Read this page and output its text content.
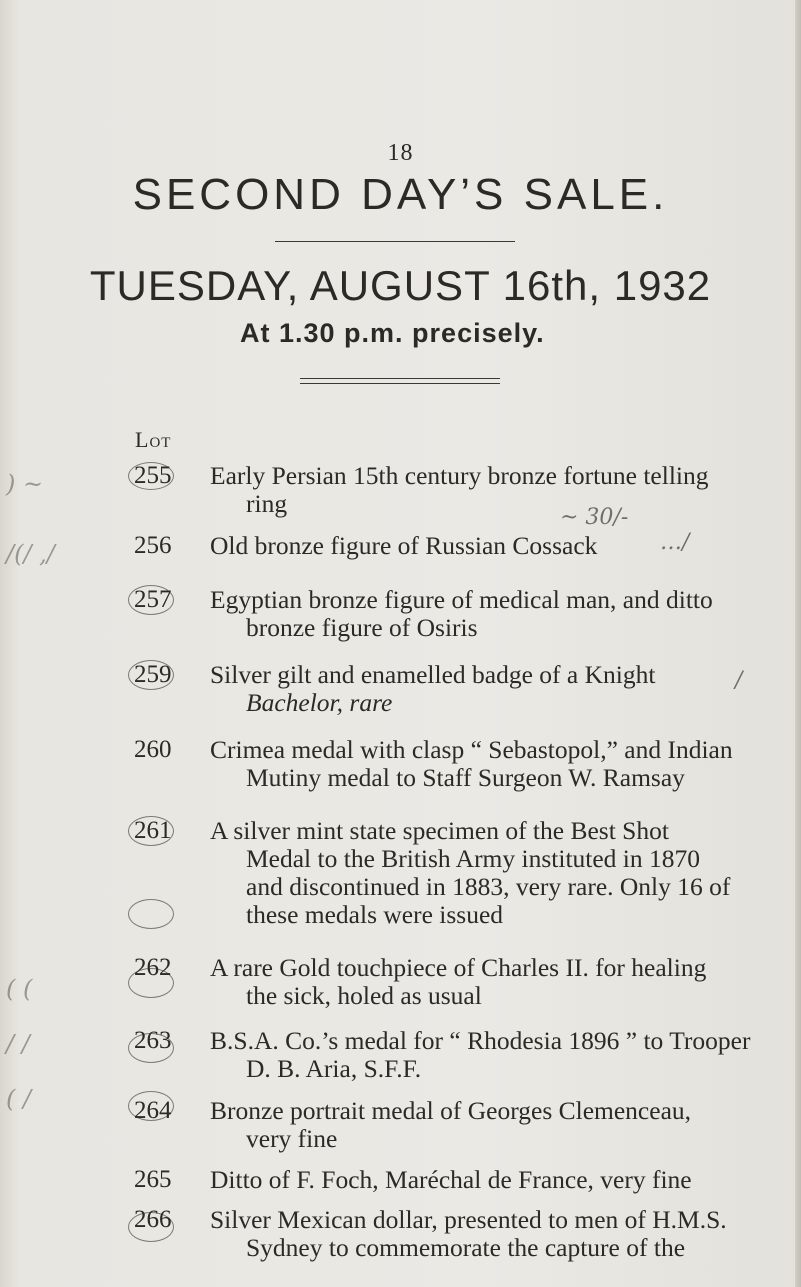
18
SECOND DAY’S SALE.
TUESDAY, AUGUST 16th, 1932
At 1.30 p.m. precisely.
Lot
) ~
/(/ ,/
( (
/ /
( /
255	Early Persian 15th century bronze fortune telling
ring
256	Old bronze figure of Russian Cossack
257	Egyptian bronze figure of medical man, and ditto
bronze figure of Osiris
259	Silver gilt and enamelled badge of a Knight
Bachelor, rare
260	Crimea medal with clasp “ Sebastopol,” and Indian
Mutiny medal to Staff Surgeon W. Ramsay
261	A silver mint state specimen of the Best Shot
Medal to the British Army instituted in 1870
and discontinued in 1883, very rare. Only 16 of
these medals were issued
262	A rare Gold touchpiece of Charles II. for healing
the sick, holed as usual
263	B.S.A. Co.’s medal for “ Rhodesia 1896 ” to Trooper
D. B. Aria, S.F.F.
264	Bronze portrait medal of Georges Clemenceau,
very fine
265	Ditto of F. Foch, Maréchal de France, very fine
266	Silver Mexican dollar, presented to men of H.M.S.
Sydney to commemorate the capture of the
~ 30/-
…/
/
